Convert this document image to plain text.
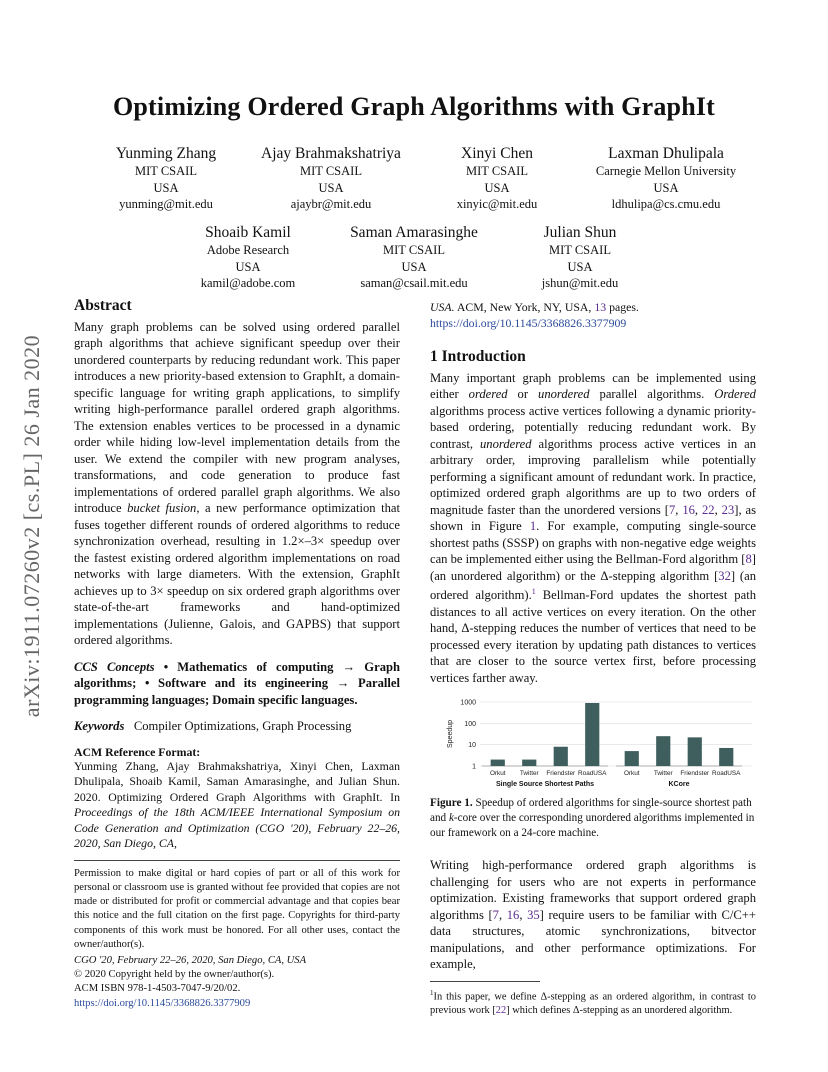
arXiv:1911.07260v2 [cs.PL] 26 Jan 2020
Optimizing Ordered Graph Algorithms with GraphIt
Yunming Zhang
MIT CSAIL
USA
yunming@mit.edu
Ajay Brahmakshatriya
MIT CSAIL
USA
ajaybr@mit.edu
Xinyi Chen
MIT CSAIL
USA
xinyic@mit.edu
Laxman Dhulipala
Carnegie Mellon University
USA
ldhulipa@cs.cmu.edu
Shoaib Kamil
Adobe Research
USA
kamil@adobe.com
Saman Amarasinghe
MIT CSAIL
USA
saman@csail.mit.edu
Julian Shun
MIT CSAIL
USA
jshun@mit.edu
Abstract

Many graph problems can be solved using ordered parallel graph algorithms that achieve significant speedup over their unordered counterparts by reducing redundant work. This paper introduces a new priority-based extension to GraphIt, a domain-specific language for writing graph applications, to simplify writing high-performance parallel ordered graph algorithms. The extension enables vertices to be processed in a dynamic order while hiding low-level implementation details from the user. We extend the compiler with new program analyses, transformations, and code generation to produce fast implementations of ordered parallel graph algorithms. We also introduce bucket fusion, a new performance optimization that fuses together different rounds of ordered algorithms to reduce synchronization overhead, resulting in 1.2×–3× speedup over the fastest existing ordered algorithm implementations on road networks with large diameters. With the extension, GraphIt achieves up to 3× speedup on six ordered graph algorithms over state-of-the-art frameworks and hand-optimized implementations (Julienne, Galois, and GAPBS) that support ordered algorithms.

CCS Concepts • Mathematics of computing → Graph algorithms; • Software and its engineering → Parallel programming languages; Domain specific languages.

Keywords Compiler Optimizations, Graph Processing

ACM Reference Format:

Yunming Zhang, Ajay Brahmakshatriya, Xinyi Chen, Laxman Dhulipala, Shoaib Kamil, Saman Amarasinghe, and Julian Shun. 2020. Optimizing Ordered Graph Algorithms with GraphIt. In Proceedings of the 18th ACM/IEEE International Symposium on Code Generation and Optimization (CGO '20), February 22–26, 2020, San Diego, CA,

Permission to make digital or hard copies of part or all of this work for personal or classroom use is granted without fee provided that copies are not made or distributed for profit or commercial advantage and that copies bear this notice and the full citation on the first page. Copyrights for third-party components of this work must be honored. For all other uses, contact the owner/author(s).

CGO '20, February 22–26, 2020, San Diego, CA, USA

© 2020 Copyright held by the owner/author(s).

ACM ISBN 978-1-4503-7047-9/20/02.

https://doi.org/10.1145/3368826.3377909

USA. ACM, New York, NY, USA, 13 pages. https://doi.org/10.1145/3368826.3377909

1 Introduction

Many important graph problems can be implemented using either ordered or unordered parallel algorithms. Ordered algorithms process active vertices following a dynamic priority-based ordering, potentially reducing redundant work. By contrast, unordered algorithms process active vertices in an arbitrary order, improving parallelism while potentially performing a significant amount of redundant work. In practice, optimized ordered graph algorithms are up to two orders of magnitude faster than the unordered versions [7, 16, 22, 23], as shown in Figure 1. For example, computing single-source shortest paths (SSSP) on graphs with non-negative edge weights can be implemented either using the Bellman-Ford algorithm [8] (an unordered algorithm) or the Δ-stepping algorithm [32] (an ordered algorithm).$^1$ Bellman-Ford updates the shortest path distances to all active vertices on every iteration. On the other hand, Δ-stepping reduces the number of vertices that need to be processed every iteration by updating path distances to vertices that are closer to the source vertex first, before processing vertices farther away.

Speedup
1
10
100
1000
Orkut Twitter Friendster RoadUSA
Single Source Shortest Paths
Orkut Twitter Friendster RoadUSA
KCore

Figure 1. Speedup of ordered algorithms for single-source shortest path and k-core over the corresponding unordered algorithms implemented in our framework on a 24-core machine.

Writing high-performance ordered graph algorithms is challenging for users who are not experts in performance optimization. Existing frameworks that support ordered graph algorithms [7, 16, 35] require users to be familiar with C/C++ data structures, atomic synchronizations, bitvector manipulations, and other performance optimizations. For example,

$^1$In this paper, we define Δ-stepping as an ordered algorithm, in contrast to previous work [22] which defines Δ-stepping as an unordered algorithm.
